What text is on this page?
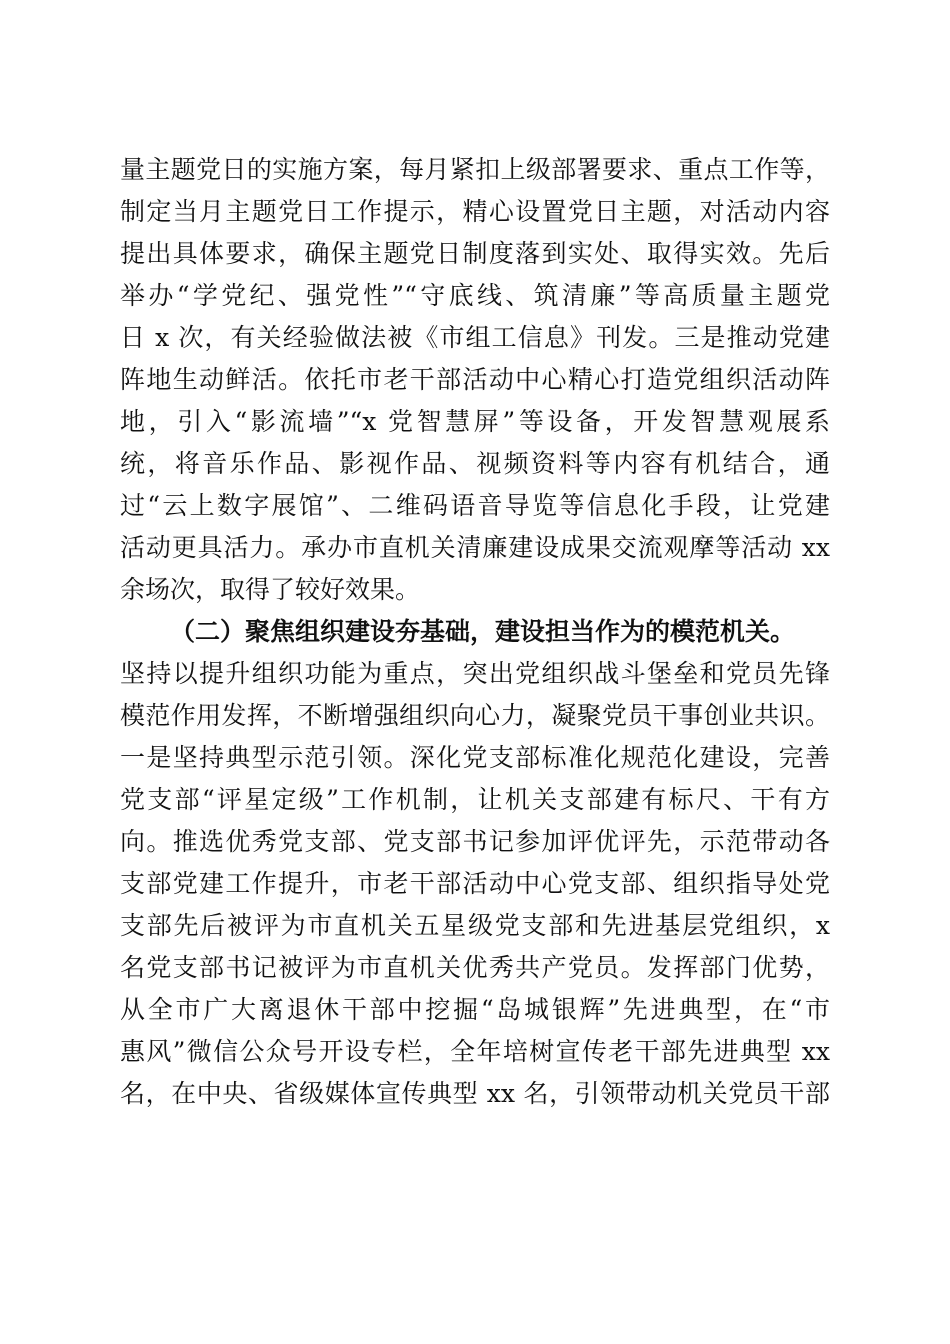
量主题党日的实施方案，每月紧扣上级部署要求、重点工作等，
制定当月主题党日工作提示，精心设置党日主题，对活动内容
提出具体要求，确保主题党日制度落到实处、取得实效。先后
举办“学党纪、强党性”“守底线、筑清廉”等高质量主题党
日 x 次，有关经验做法被《市组工信息》刊发。三是推动党建
阵地生动鲜活。依托市老干部活动中心精心打造党组织活动阵
地，引入“影流墙”“x 党智慧屏”等设备，开发智慧观展系
统，将音乐作品、影视作品、视频资料等内容有机结合，通
过“云上数字展馆”、二维码语音导览等信息化手段，让党建
活动更具活力。承办市直机关清廉建设成果交流观摩等活动 xx
余场次，取得了较好效果。
（二）聚焦组织建设夯基础，建设担当作为的模范机关。
坚持以提升组织功能为重点，突出党组织战斗堡垒和党员先锋
模范作用发挥，不断增强组织向心力，凝聚党员干事创业共识。
一是坚持典型示范引领。深化党支部标准化规范化建设，完善
党支部“评星定级”工作机制，让机关支部建有标尺、干有方
向。推选优秀党支部、党支部书记参加评优评先，示范带动各
支部党建工作提升，市老干部活动中心党支部、组织指导处党
支部先后被评为市直机关五星级党支部和先进基层党组织，x
名党支部书记被评为市直机关优秀共产党员。发挥部门优势，
从全市广大离退休干部中挖掘“岛城银辉”先进典型，在“市
惠风”微信公众号开设专栏，全年培树宣传老干部先进典型 xx
名，在中央、省级媒体宣传典型 xx 名，引领带动机关党员干部
